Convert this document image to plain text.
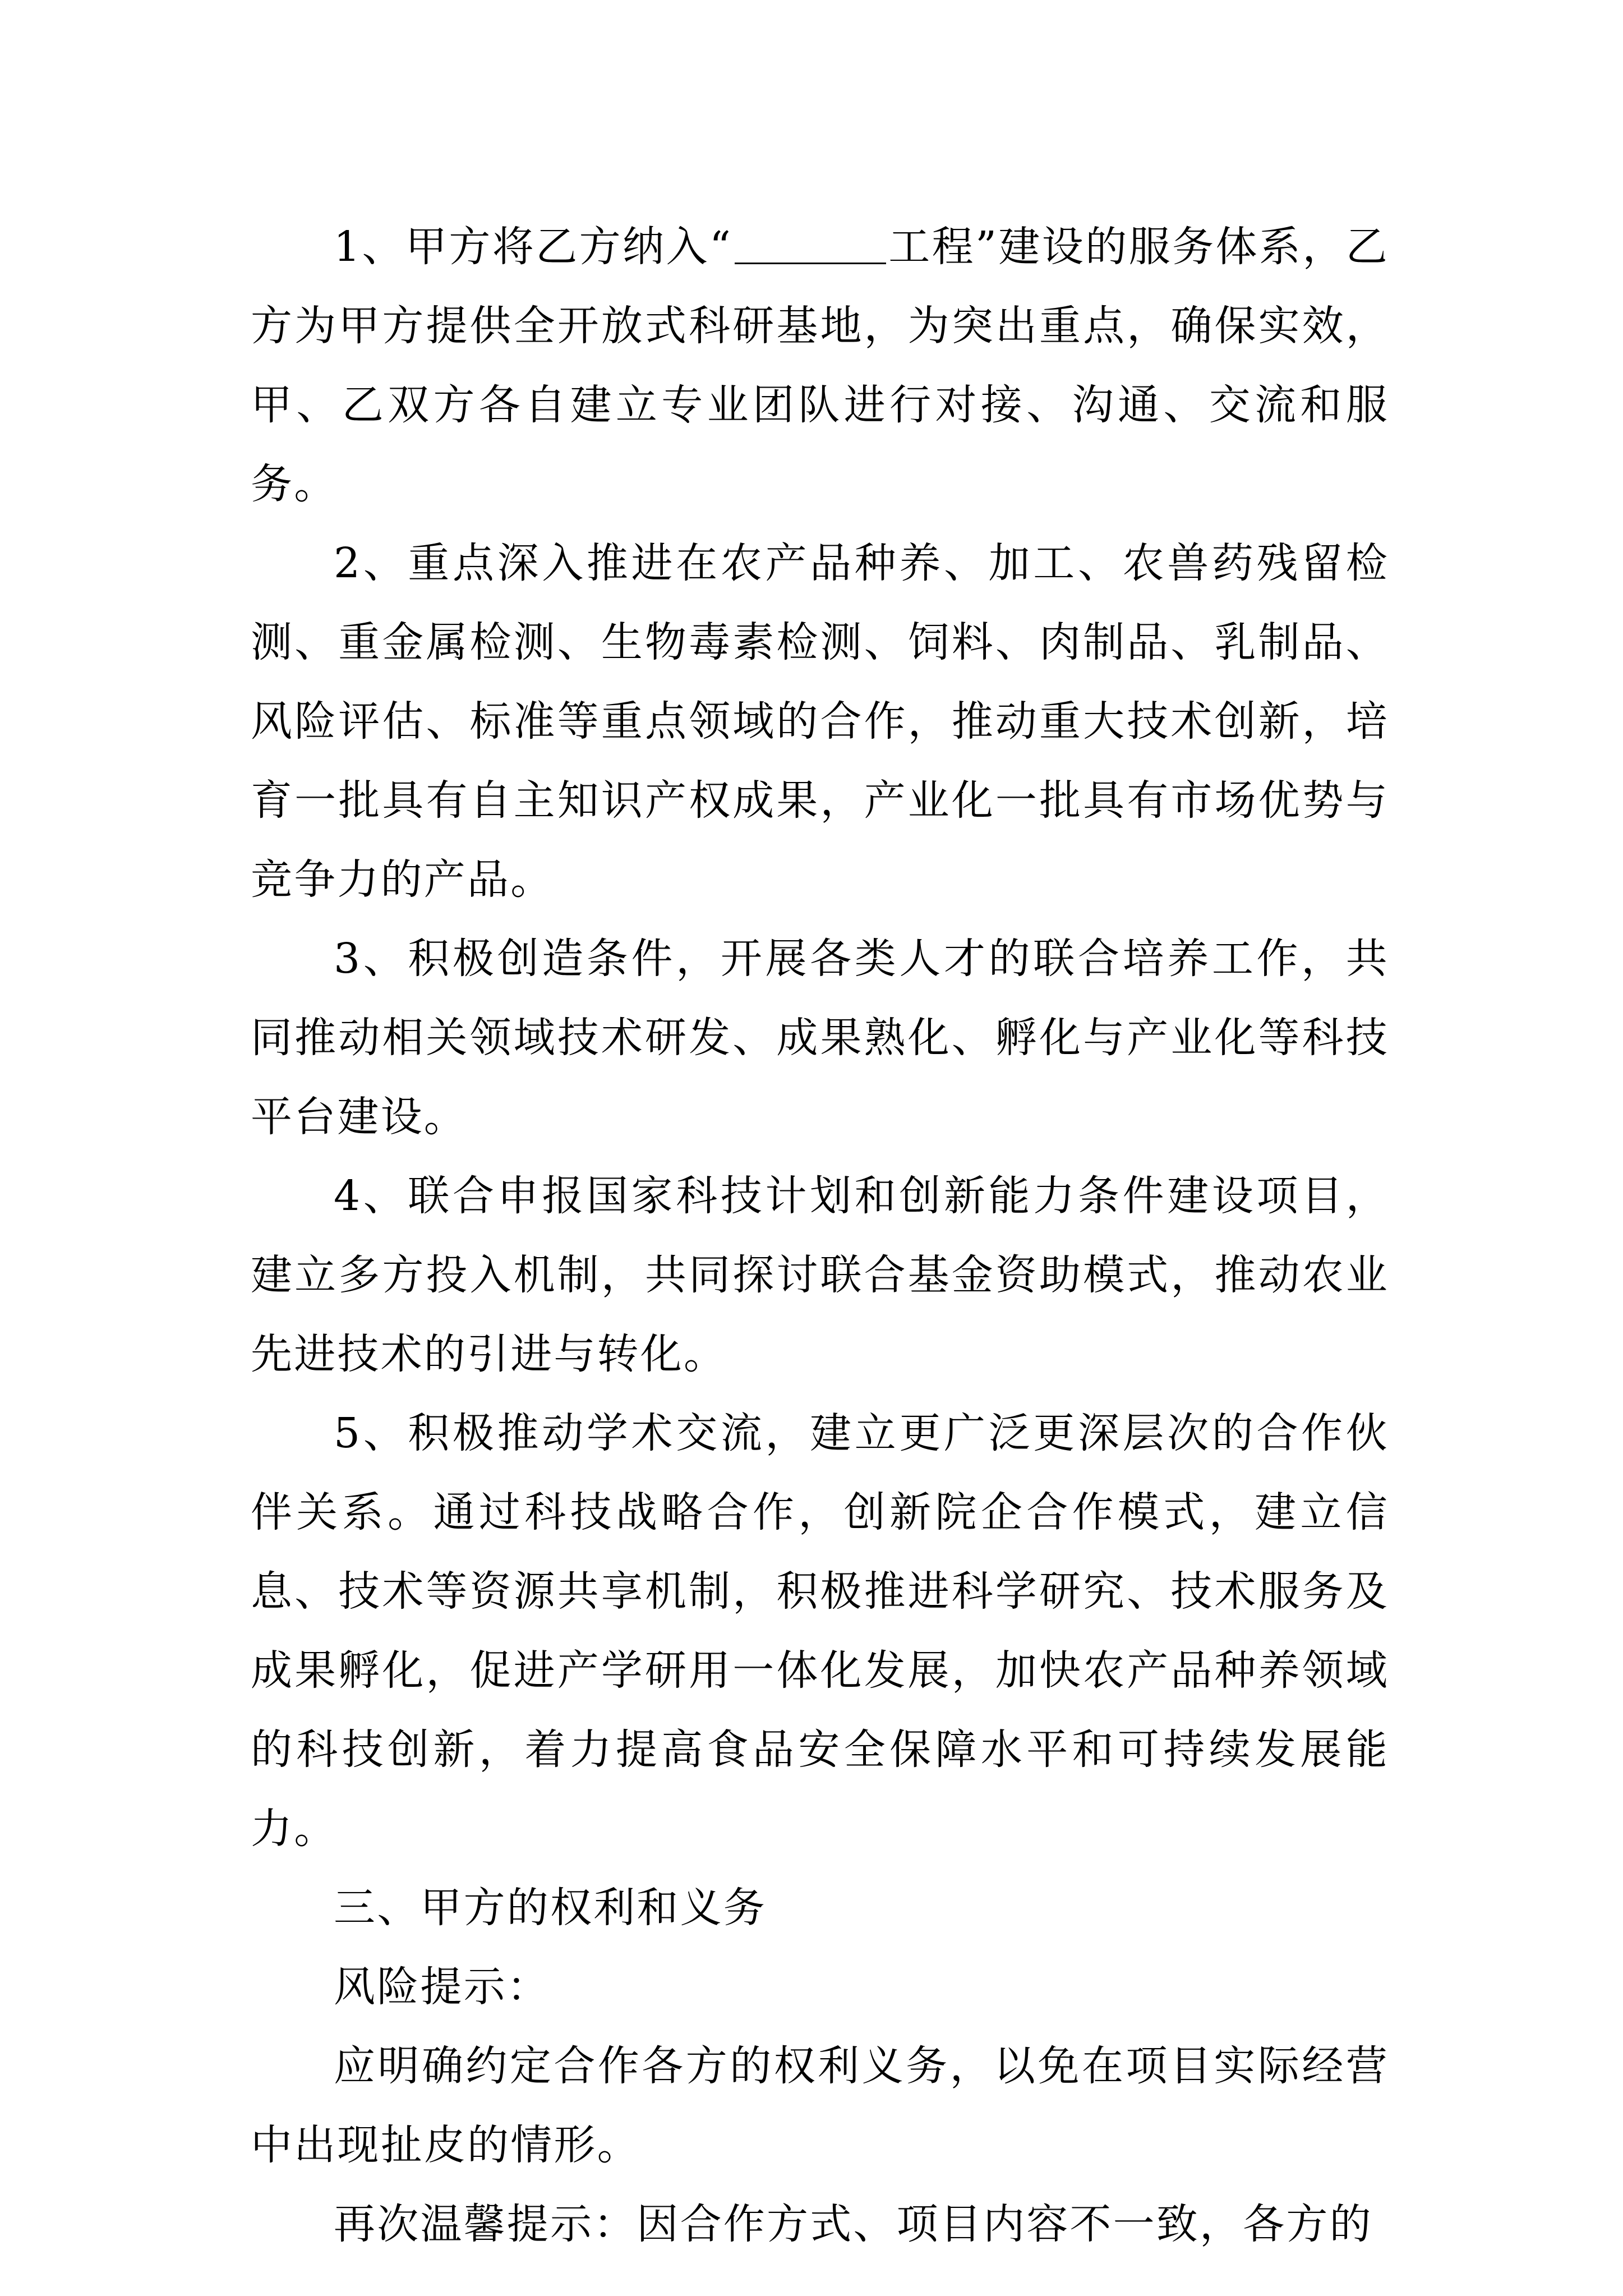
1、甲方将乙方纳入“	工程”建设的服务体系，乙方为甲方提供全开放式科研基地，为突出重点，确保实效，甲、乙双方各自建立专业团队进行对接、沟通、交流和服务。

2、重点深入推进在农产品种养、加工、农兽药残留检测、重金属检测、生物毒素检测、饲料、肉制品、乳制品、风险评估、标准等重点领域的合作，推动重大技术创新，培育一批具有自主知识产权成果，产业化一批具有市场优势与竞争力的产品。

3、积极创造条件，开展各类人才的联合培养工作，共同推动相关领域技术研发、成果熟化、孵化与产业化等科技平台建设。

4、联合申报国家科技计划和创新能力条件建设项目，建立多方投入机制，共同探讨联合基金资助模式，推动农业先进技术的引进与转化。

5、积极推动学术交流，建立更广泛更深层次的合作伙伴关系。通过科技战略合作，创新院企合作模式，建立信息、技术等资源共享机制，积极推进科学研究、技术服务及成果孵化，促进产学研用一体化发展，加快农产品种养领域的科技创新，着力提高食品安全保障水平和可持续发展能力。

三、甲方的权利和义务

风险提示：

应明确约定合作各方的权利义务，以免在项目实际经营中出现扯皮的情形。

再次温馨提示：因合作方式、项目内容不一致，各方的
